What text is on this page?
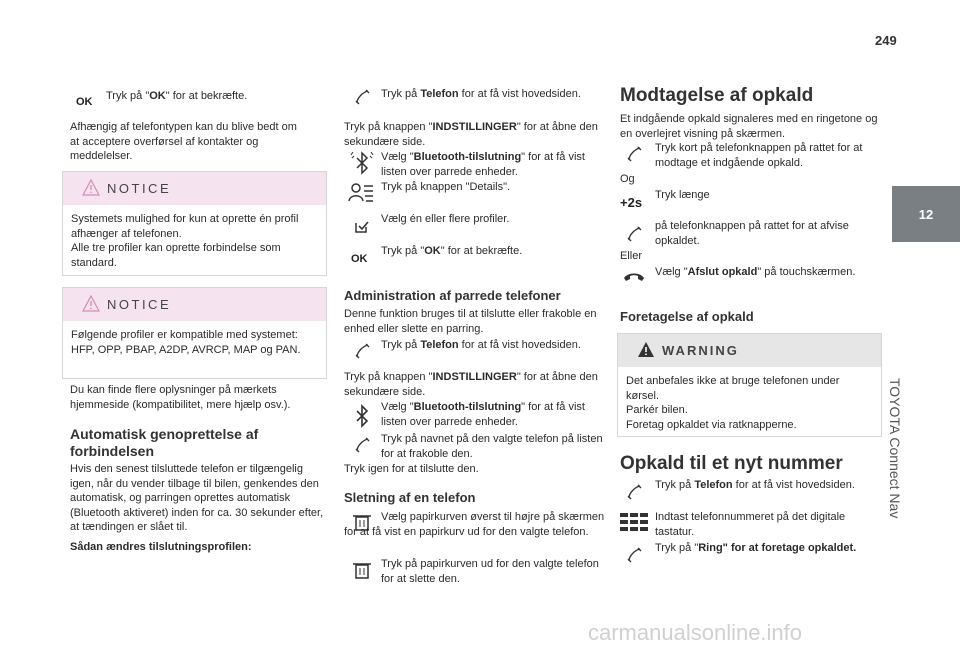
249
12
TOYOTA Connect Nav
OK Tryk på "OK" for at bekræfte.

Afhængig af telefontypen kan du blive bedt om at acceptere overførsel af kontakter og meddelelser.

NOTICE
Systemets mulighed for kun at oprette én profil afhænger af telefonen.
Alle tre profiler kan oprette forbindelse som standard.
NOTICE
Følgende profiler er kompatible med systemet: HFP, OPP, PBAP, A2DP, AVRCP, MAP og PAN.

Du kan finde flere oplysninger på mærkets hjemmeside (kompatibilitet, mere hjælp osv.).

Automatisk genoprettelse af forbindelsen

Hvis den senest tilsluttede telefon er tilgængelig igen, når du vender tilbage til bilen, genkendes den automatisk, og parringen oprettes automatisk (Bluetooth aktiveret) inden for ca. 30 sekunder efter, at tændingen er slået til.

Sådan ændres tilslutningsprofilen:

Tryk på Telefon for at få vist hovedsiden.

Tryk på knappen "INDSTILLINGER" for at åbne den sekundære side.

Vælg "Bluetooth-tilslutning" for at få vist listen over parrede enheder.

Tryk på knappen "Details".

Vælg én eller flere profiler.

OK

Tryk på "OK" for at bekræfte.

Administration af parrede telefoner

Denne funktion bruges til at tilslutte eller frakoble en enhed eller slette en parring.

Tryk på Telefon for at få vist hovedsiden.

Tryk på knappen "INDSTILLINGER" for at åbne den sekundære side.

Vælg "Bluetooth-tilslutning" for at få vist listen over parrede enheder.

Tryk på navnet på den valgte telefon på listen for at frakoble den.

Tryk igen for at tilslutte den.

Sletning af en telefon

Vælg papirkurven øverst til højre på skærmen for at få vist en papirkurv ud for den valgte telefon.

Tryk på papirkurven ud for den valgte telefon for at slette den.

Modtagelse af opkald

Et indgående opkald signaleres med en ringetone og en overlejret visning på skærmen.

Tryk kort på telefonknappen på rattet for at modtage et indgående opkald.

Og

+2s Tryk længe

på telefonknappen på rattet for at afvise opkaldet.

Eller

Vælg "Afslut opkald" på touchskærmen.

Foretagelse af opkald
WARNING
Det anbefales ikke at bruge telefonen under kørsel.
Parkér bilen.
Foretag opkaldet via ratknapperne.
Opkald til et nyt nummer

Tryk på Telefon for at få vist hovedsiden.

Indtast telefonnummeret på det digitale tastatur.

Tryk på "Ring" for at foretage opkaldet.

carmanualsonline.info
